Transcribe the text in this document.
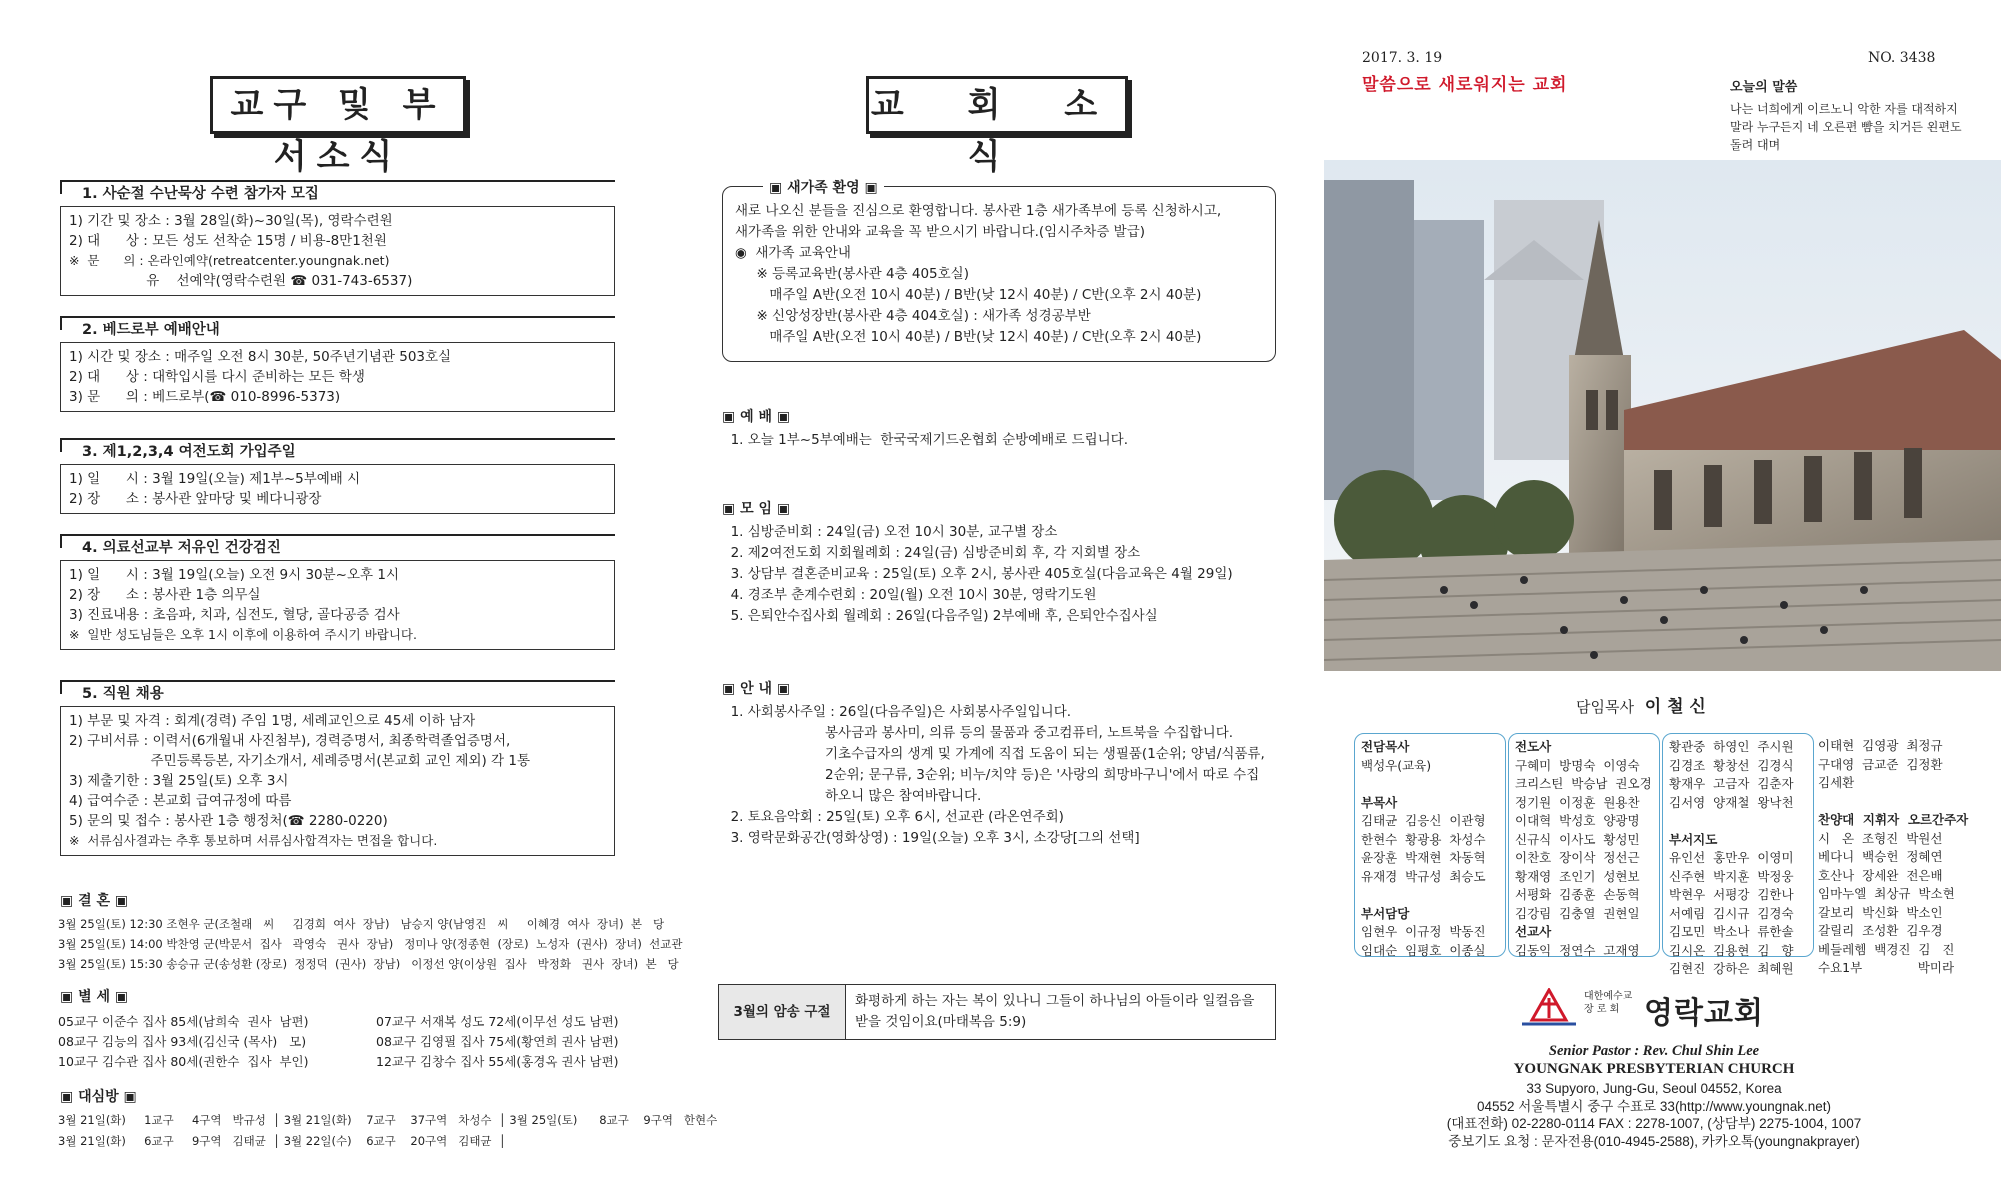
교구 및 부서소식
1. 사순절 수난묵상 수련 참가자 모집
1) 기간 및 장소 : 3월 28일(화)~30일(목), 영락수련원
2) 대      상 : 모든 성도 선착순 15명 / 비용-8만1천원
※  문      의 : 온라인예약(retreatcenter.youngnak.net)
유    선예약(영락수련원 ☎ 031-743-6537)
2. 베드로부 예배안내
1) 시간 및 장소 : 매주일 오전 8시 30분, 50주년기념관 503호실
2) 대      상 : 대학입시를 다시 준비하는 모든 학생
3) 문      의 : 베드로부(☎ 010-8996-5373)
3. 제1,2,3,4 여전도회 가입주일
1) 일      시 : 3월 19일(오늘) 제1부~5부예배 시
2) 장      소 : 봉사관 앞마당 및 베다니광장
4. 의료선교부 저유인 건강검진
1) 일      시 : 3월 19일(오늘) 오전 9시 30분~오후 1시
2) 장      소 : 봉사관 1층 의무실
3) 진료내용 : 초음파, 치과, 심전도, 혈당, 골다공증 검사
※  일반 성도님들은 오후 1시 이후에 이용하여 주시기 바랍니다.
5. 직원 채용
1) 부문 및 자격 : 회계(경력) 주임 1명, 세례교인으로 45세 이하 남자
2) 구비서류 : 이력서(6개월내 사진첨부), 경력증명서, 최종학력졸업증명서,
주민등록등본, 자기소개서, 세례증명서(본교회 교인 제외) 각 1통
3) 제출기한 : 3월 25일(토) 오후 3시
4) 급여수준 : 본교회 급여규정에 따름
5) 문의 및 접수 : 봉사관 1층 행정처(☎ 2280-0220)
※  서류심사결과는 추후 통보하며 서류심사합격자는 면접을 합니다.
▣ 결 혼 ▣
3월 25일(토) 12:30 조현우 군(조철래   씨     김경희  여사  장남)   남승지 양(남영진   씨     이혜경  여사  장녀)  본   당
3월 25일(토) 14:00 박찬영 군(박문서  집사   곽영숙   권사  장남)   정미나 양(정종현  (장로)  노성자  (권사)  장녀)  선교관
3월 25일(토) 15:30 송승규 군(송성환 (장로)  정정덕  (권사)  장남)   이정선 양(이상원  집사   박정화   권사  장녀)  본   당
▣ 별 세 ▣
05교구 이준수 집사 85세(남희숙  권사  남편)
08교구 김능의 집사 93세(김신국 (목사)   모)
10교구 김수관 집사 80세(권한수  집사  부인)
07교구 서재복 성도 72세(이무선 성도 남편)
08교구 김영필 집사 75세(황연희 권사 남편)
12교구 김창수 집사 55세(홍경옥 권사 남편)
▣ 대심방 ▣
3월 21일(화)     1교구     4구역   박규성  │ 3월 21일(화)    7교구    37구역   차성수  │ 3월 25일(토)      8교구    9구역   한현수
3월 21일(화)     6교구     9구역   김태균  │ 3월 22일(수)    6교구    20구역   김태균  │
교 회 소 식
▣ 새가족 환영 ▣
새로 나오신 분들을 진심으로 환영합니다. 봉사관 1층 새가족부에 등록 신청하시고,
새가족을 위한 안내와 교육을 꼭 받으시기 바랍니다.(임시주차증 발급)
◉  새가족 교육안내
※ 등록교육반(봉사관 4층 405호실)
매주일 A반(오전 10시 40분) / B반(낮 12시 40분) / C반(오후 2시 40분)
※ 신앙성장반(봉사관 4층 404호실) : 새가족 성경공부반
매주일 A반(오전 10시 40분) / B반(낮 12시 40분) / C반(오후 2시 40분)
▣ 예 배 ▣
1. 오늘 1부~5부예배는  한국국제기드온협회 순방예배로 드립니다.
▣ 모 임 ▣
1. 심방준비회 : 24일(금) 오전 10시 30분, 교구별 장소
2. 제2여전도회 지회월례회 : 24일(금) 심방준비회 후, 각 지회별 장소
3. 상담부 결혼준비교육 : 25일(토) 오후 2시, 봉사관 405호실(다음교육은 4월 29일)
4. 경조부 춘계수련회 : 20일(월) 오전 10시 30분, 영락기도원
5. 은퇴안수집사회 월례회 : 26일(다음주일) 2부예배 후, 은퇴안수집사실
▣ 안 내 ▣
1. 사회봉사주일 : 26일(다음주일)은 사회봉사주일입니다.
봉사금과 봉사미, 의류 등의 물품과 중고컴퓨터, 노트북을 수집합니다.
기초수급자의 생계 및 가계에 직접 도움이 되는 생필품(1순위; 양념/식품류,
2순위; 문구류, 3순위; 비누/치약 등)은 '사랑의 희망바구니'에서 따로 수집
하오니 많은 참여바랍니다.
2. 토요음악회 : 25일(토) 오후 6시, 선교관 (라온연주회)
3. 영락문화공간(영화상영) : 19일(오늘) 오후 3시, 소강당[그의 선택]
3월의 암송 구절
화평하게 하는 자는 복이 있나니 그들이 하나님의 아들이라 일컬음을
받을 것임이요(마태복음 5:9)
2017. 3. 19
말씀으로 새로워지는 교회
NO. 3438
오늘의 말씀
나는 너희에게 이르노니 악한 자를 대적하지
말라 누구든지 네 오른편 뺨을 치거든 왼편도
돌려 대며
담임목사 이 철 신
전담목사
백성우(교육)

부목사
김태균  김응신  이관형
한현수  황광용  차성수
윤장훈  박재현  차동혁
유재경  박규성  최승도

부서담당
임현우  이규정  박동진
임대순  임평호  이종실
전도사
구혜미  방명숙  이영숙
크리스틴  박승남  권오경
정기원  이정훈  원용찬
이대혁  박성호  양광명
신규식  이사도  황성민
이찬호  장이삭  정선근
황재영  조인기  성현보
서평화  김종훈  손동혁
김강림  김충열  권현일
선교사
김동익  정연수  고재영
황관중  하영인  주시원
김경조  황창선  김경식
황재우  고금자  김춘자
김서영  양재철  왕낙천

부서지도
유인선  홍만우  이영미
신주현  박지훈  박정웅
박현우  서평강  김한나
서예림  김시규  김경숙
김모민  박소나  류한솔
김시온  김용현  김   향
김현진  강하은  최혜원
이태현  김영광  최정규
구대영  금교준  김정환
김세환

찬양대  지휘자  오르간주자
시   온  조형진  박원선
베다니  백승헌  정혜연
호산나  장세완  전은배
임마누엘  최상규  박소현
갈보리  박신화  박소인
갈릴리  조성환  김우경
베들레헴  백경진  김   진
수요1부              박미라
대한예수교
장 로 회 영락교회
Senior Pastor : Rev. Chul Shin Lee
YOUNGNAK PRESBYTERIAN CHURCH
33 Supyoro, Jung-Gu, Seoul 04552, Korea
04552 서울특별시 중구 수표로 33(http://www.youngnak.net)
(대표전화) 02-2280-0114 FAX : 2278-1007, (상담부) 2275-1004, 1007
중보기도 요청 : 문자전용(010-4945-2588), 카카오톡(youngnakprayer)
